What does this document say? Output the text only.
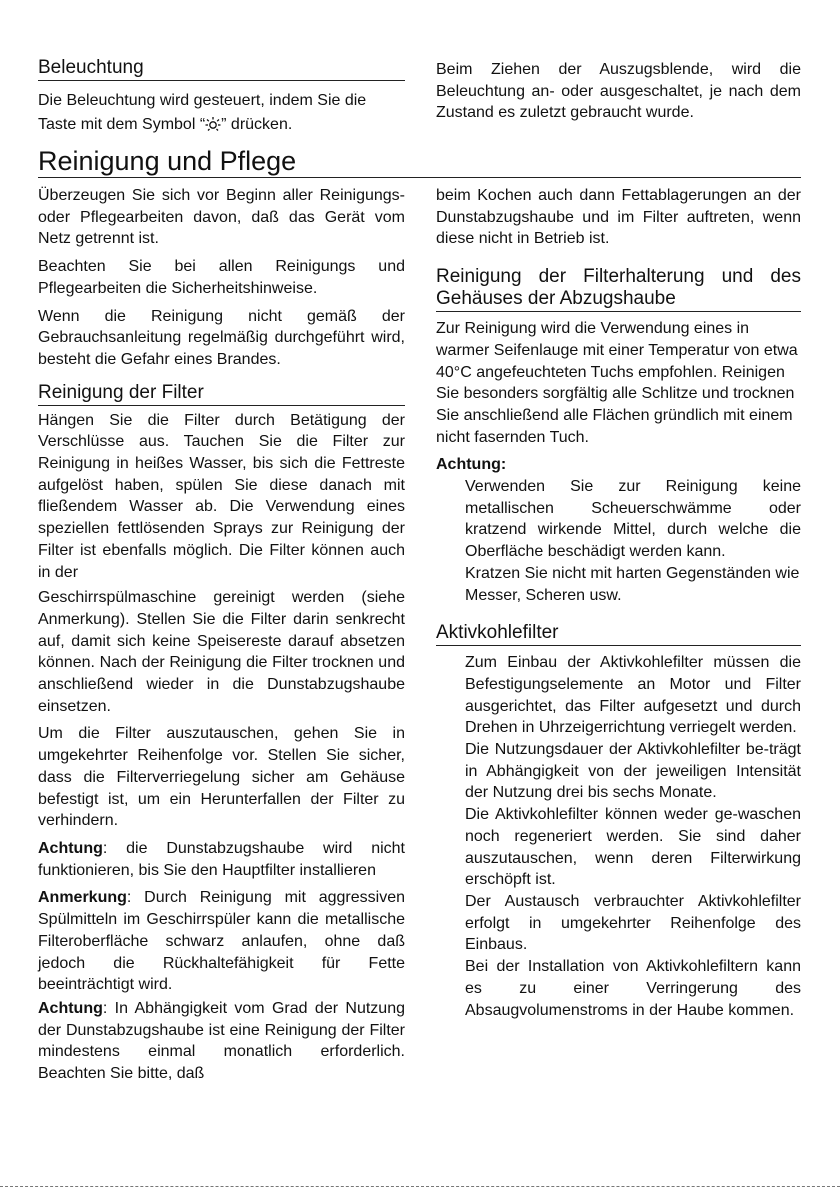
Beleuchtung

Die Beleuchtung wird gesteuert, indem Sie die Taste mit dem Symbol “ ” drücken.

Beim Ziehen der Auszugsblende, wird die Beleuchtung an- oder ausgeschaltet, je nach dem Zustand es zuletzt gebraucht wurde.

Reinigung und Pflege

Überzeugen Sie sich vor Beginn aller Reinigungs- oder Pflegearbeiten davon, daß das Gerät vom Netz getrennt ist.

Beachten Sie bei allen Reinigungs und Pflegearbeiten die Sicherheitshinweise.

Wenn die Reinigung nicht gemäß der Gebrauchsanleitung regelmäßig durchgeführt wird, besteht die Gefahr eines Brandes.

Reinigung der Filter

Hängen Sie die Filter durch Betätigung der Verschlüsse aus. Tauchen Sie die Filter zur Reinigung in heißes Wasser, bis sich die Fettreste aufgelöst haben, spülen Sie diese danach mit fließendem Wasser ab. Die Verwendung eines speziellen fettlösenden Sprays zur Reinigung der Filter ist ebenfalls möglich. Die Filter können auch in der

Geschirrspülmaschine gereinigt werden (siehe Anmerkung). Stellen Sie die Filter darin senkrecht auf, damit sich keine Speisereste darauf absetzen können. Nach der Reinigung die Filter trocknen und anschließend wieder in die Dunstabzugshaube einsetzen.

Um die Filter auszutauschen, gehen Sie in umgekehrter Reihenfolge vor. Stellen Sie sicher, dass die Filterverriegelung sicher am Gehäuse befestigt ist, um ein Herunterfallen der Filter zu verhindern.

Achtung: die Dunstabzugshaube wird nicht funktionieren, bis Sie den Hauptfilter installieren

Anmerkung: Durch Reinigung mit aggressiven Spülmitteln im Geschirrspüler kann die metallische Filteroberfläche schwarz anlaufen, ohne daß jedoch die Rückhaltefähigkeit für Fette beeinträchtigt wird.

Achtung: In Abhängigkeit vom Grad der Nutzung der Dunstabzugshaube ist eine Reinigung der Filter mindestens einmal monatlich erforderlich. Beachten Sie bitte, daß

beim Kochen auch dann Fettablagerungen an der Dunstabzugshaube und im Filter auftreten, wenn diese nicht in Betrieb ist.

Reinigung der Filterhalterung und des Gehäuses der Abzugshaube

Zur Reinigung wird die Verwendung eines in warmer Seifenlauge mit einer Temperatur von etwa 40°C angefeuchteten Tuchs empfohlen. Reinigen Sie besonders sorgfältig alle Schlitze und trocknen Sie anschließend alle Flächen gründlich mit einem nicht fasernden Tuch.

Achtung:

Verwenden Sie zur Reinigung keine metallischen Scheuerschwämme oder kratzend wirkende Mittel, durch welche die Oberfläche beschädigt werden kann.

Kratzen Sie nicht mit harten Gegenständen wie Messer, Scheren usw.

Aktivkohlefilter

Zum Einbau der Aktivkohlefilter müssen die Befestigungselemente an Motor und Filter ausgerichtet, das Filter aufgesetzt und durch Drehen in Uhrzeigerrichtung verriegelt werden.

Die Nutzungsdauer der Aktivkohlefilter be-trägt in Abhängigkeit von der jeweiligen Intensität der Nutzung drei bis sechs Monate.

Die Aktivkohlefilter können weder ge-waschen noch regeneriert werden. Sie sind daher auszutauschen, wenn deren Filterwirkung erschöpft ist.

Der Austausch verbrauchter Aktivkohlefilter erfolgt in umgekehrter Reihenfolge des Einbaus.

Bei der Installation von Aktivkohlefiltern kann es zu einer Verringerung des Absaugvolumenstroms in der Haube kommen.
